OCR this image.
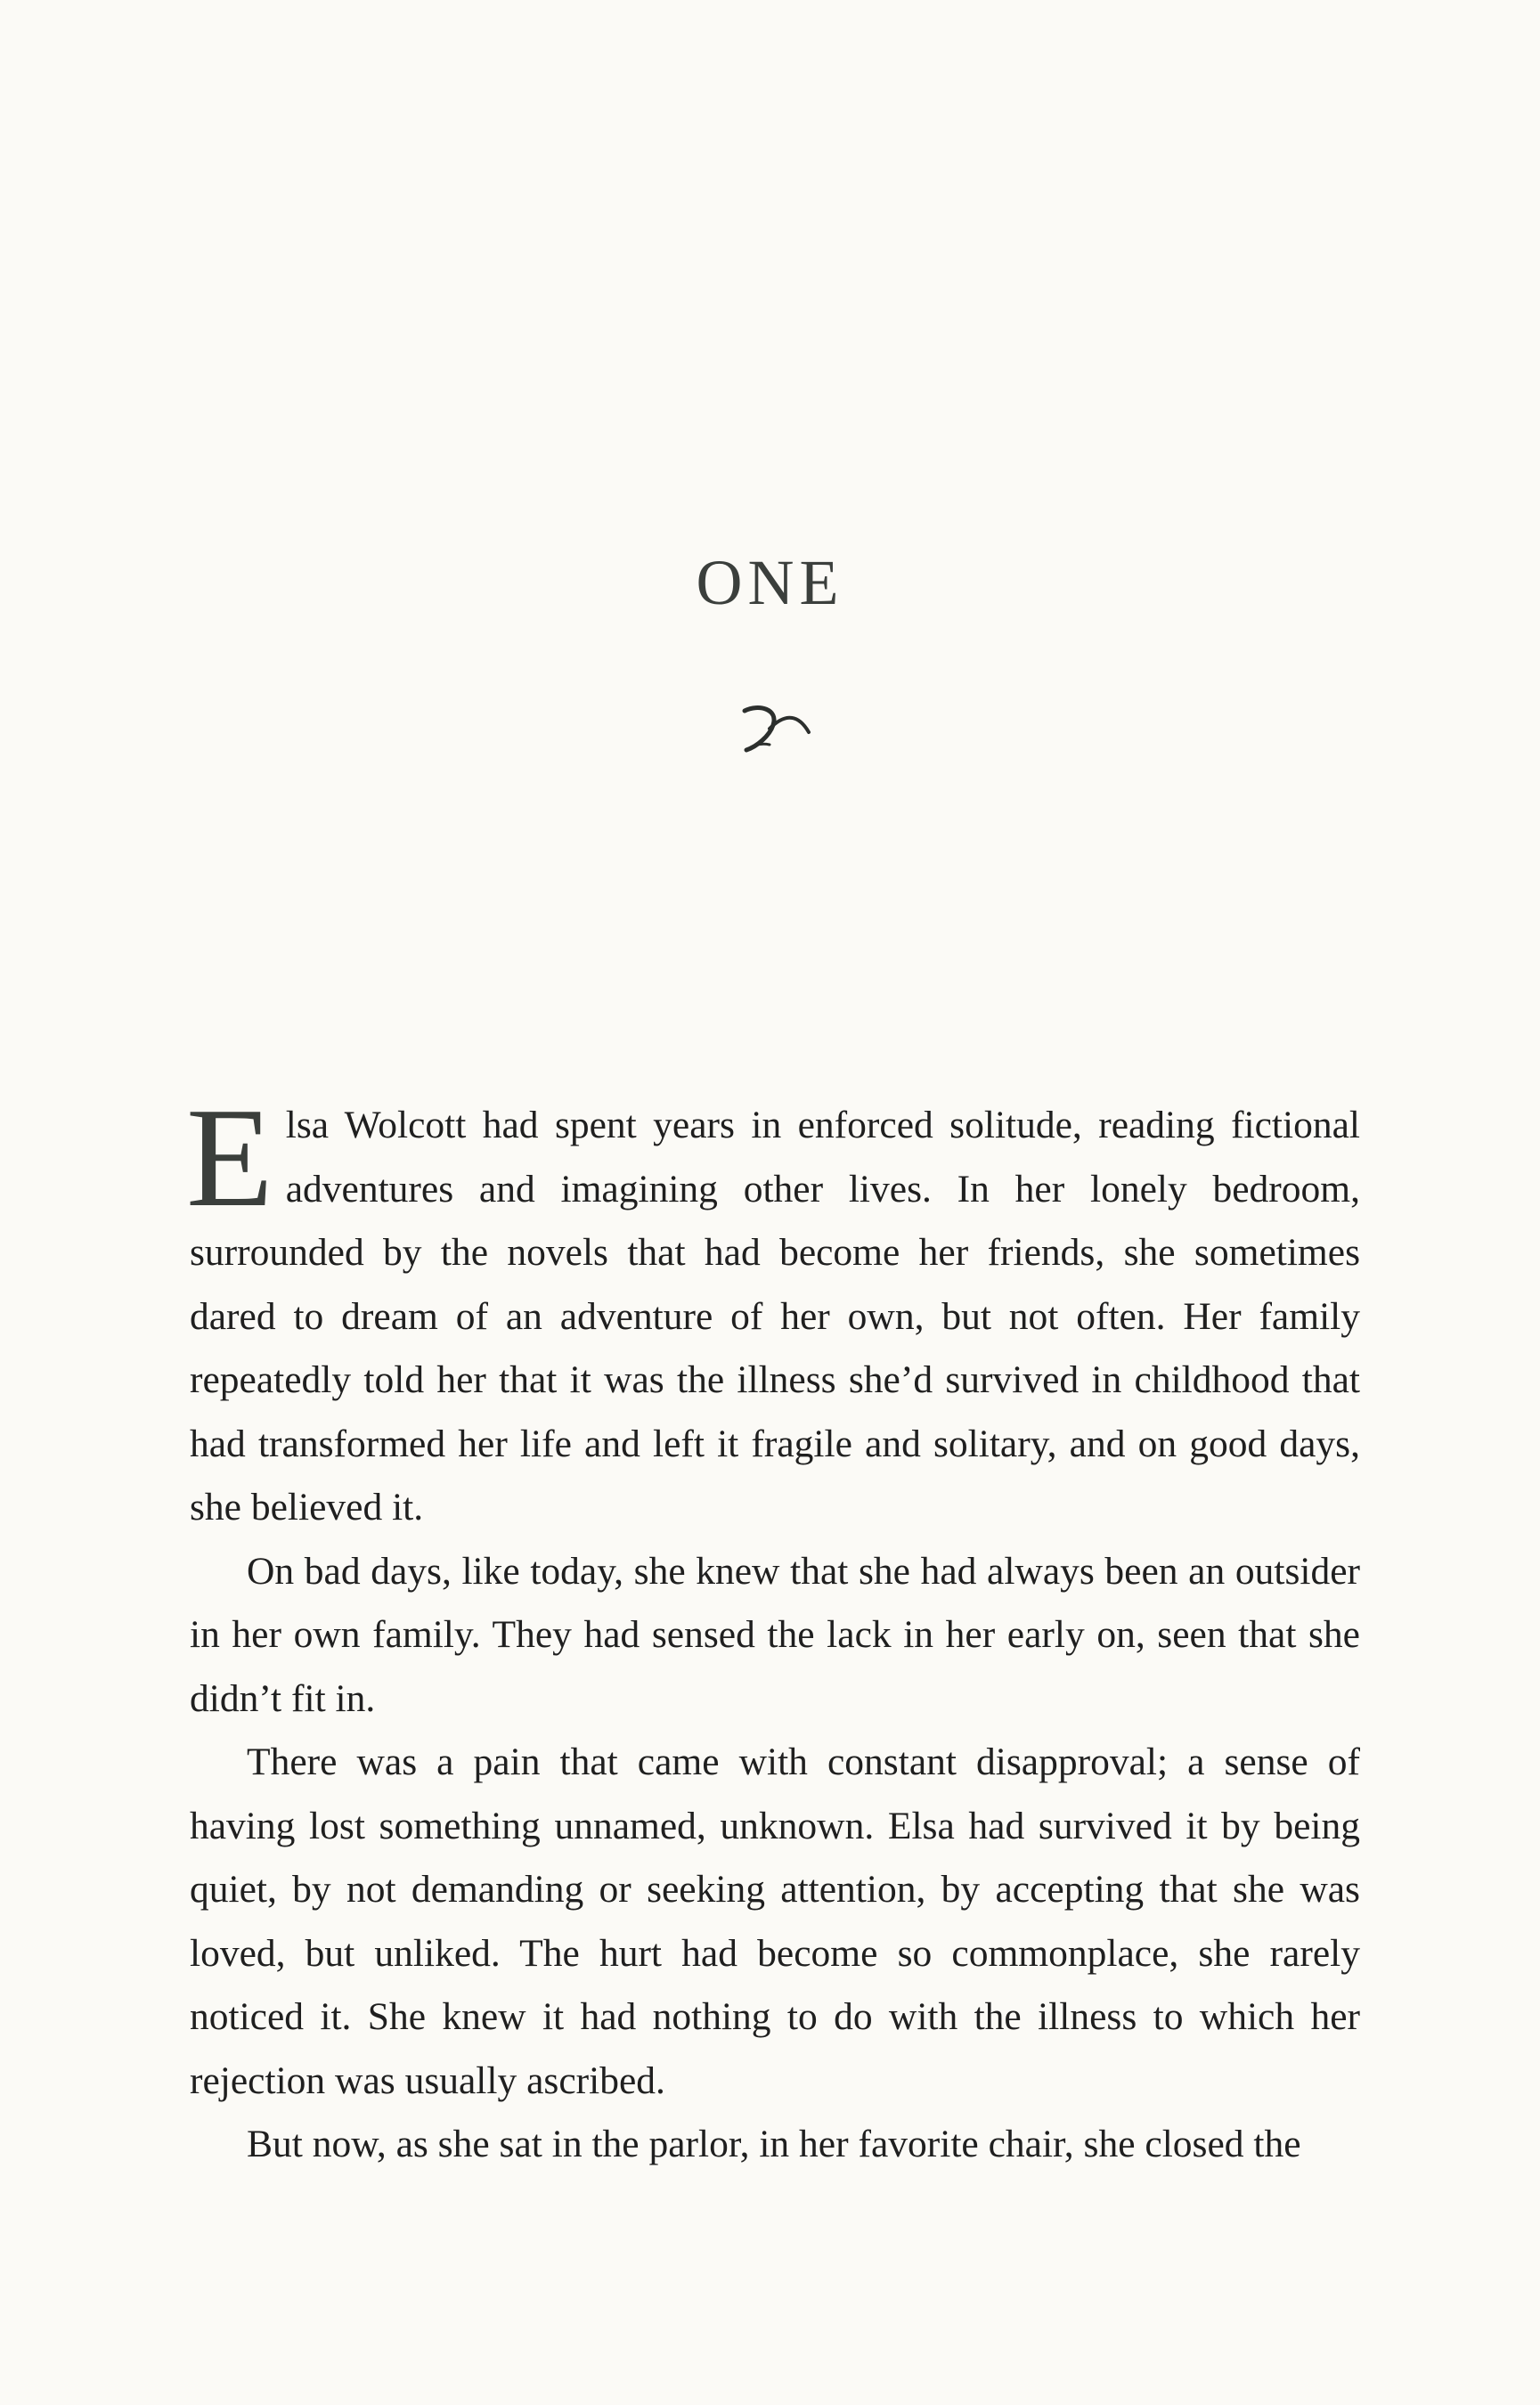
ONE

Elsa Wolcott had spent years in enforced solitude, reading fictional adventures and imagining other lives. In her lonely bedroom, surrounded by the novels that had become her friends, she sometimes dared to dream of an adventure of her own, but not often. Her family repeatedly told her that it was the illness she’d survived in childhood that had transformed her life and left it fragile and solitary, and on good days, she believed it.

On bad days, like today, she knew that she had always been an outsider in her own family. They had sensed the lack in her early on, seen that she didn’t fit in.

There was a pain that came with constant disapproval; a sense of having lost something unnamed, unknown. Elsa had survived it by being quiet, by not demanding or seeking attention, by accepting that she was loved, but unliked. The hurt had become so commonplace, she rarely noticed it. She knew it had nothing to do with the illness to which her rejection was usually ascribed.

But now, as she sat in the parlor, in her favorite chair, she closed the
